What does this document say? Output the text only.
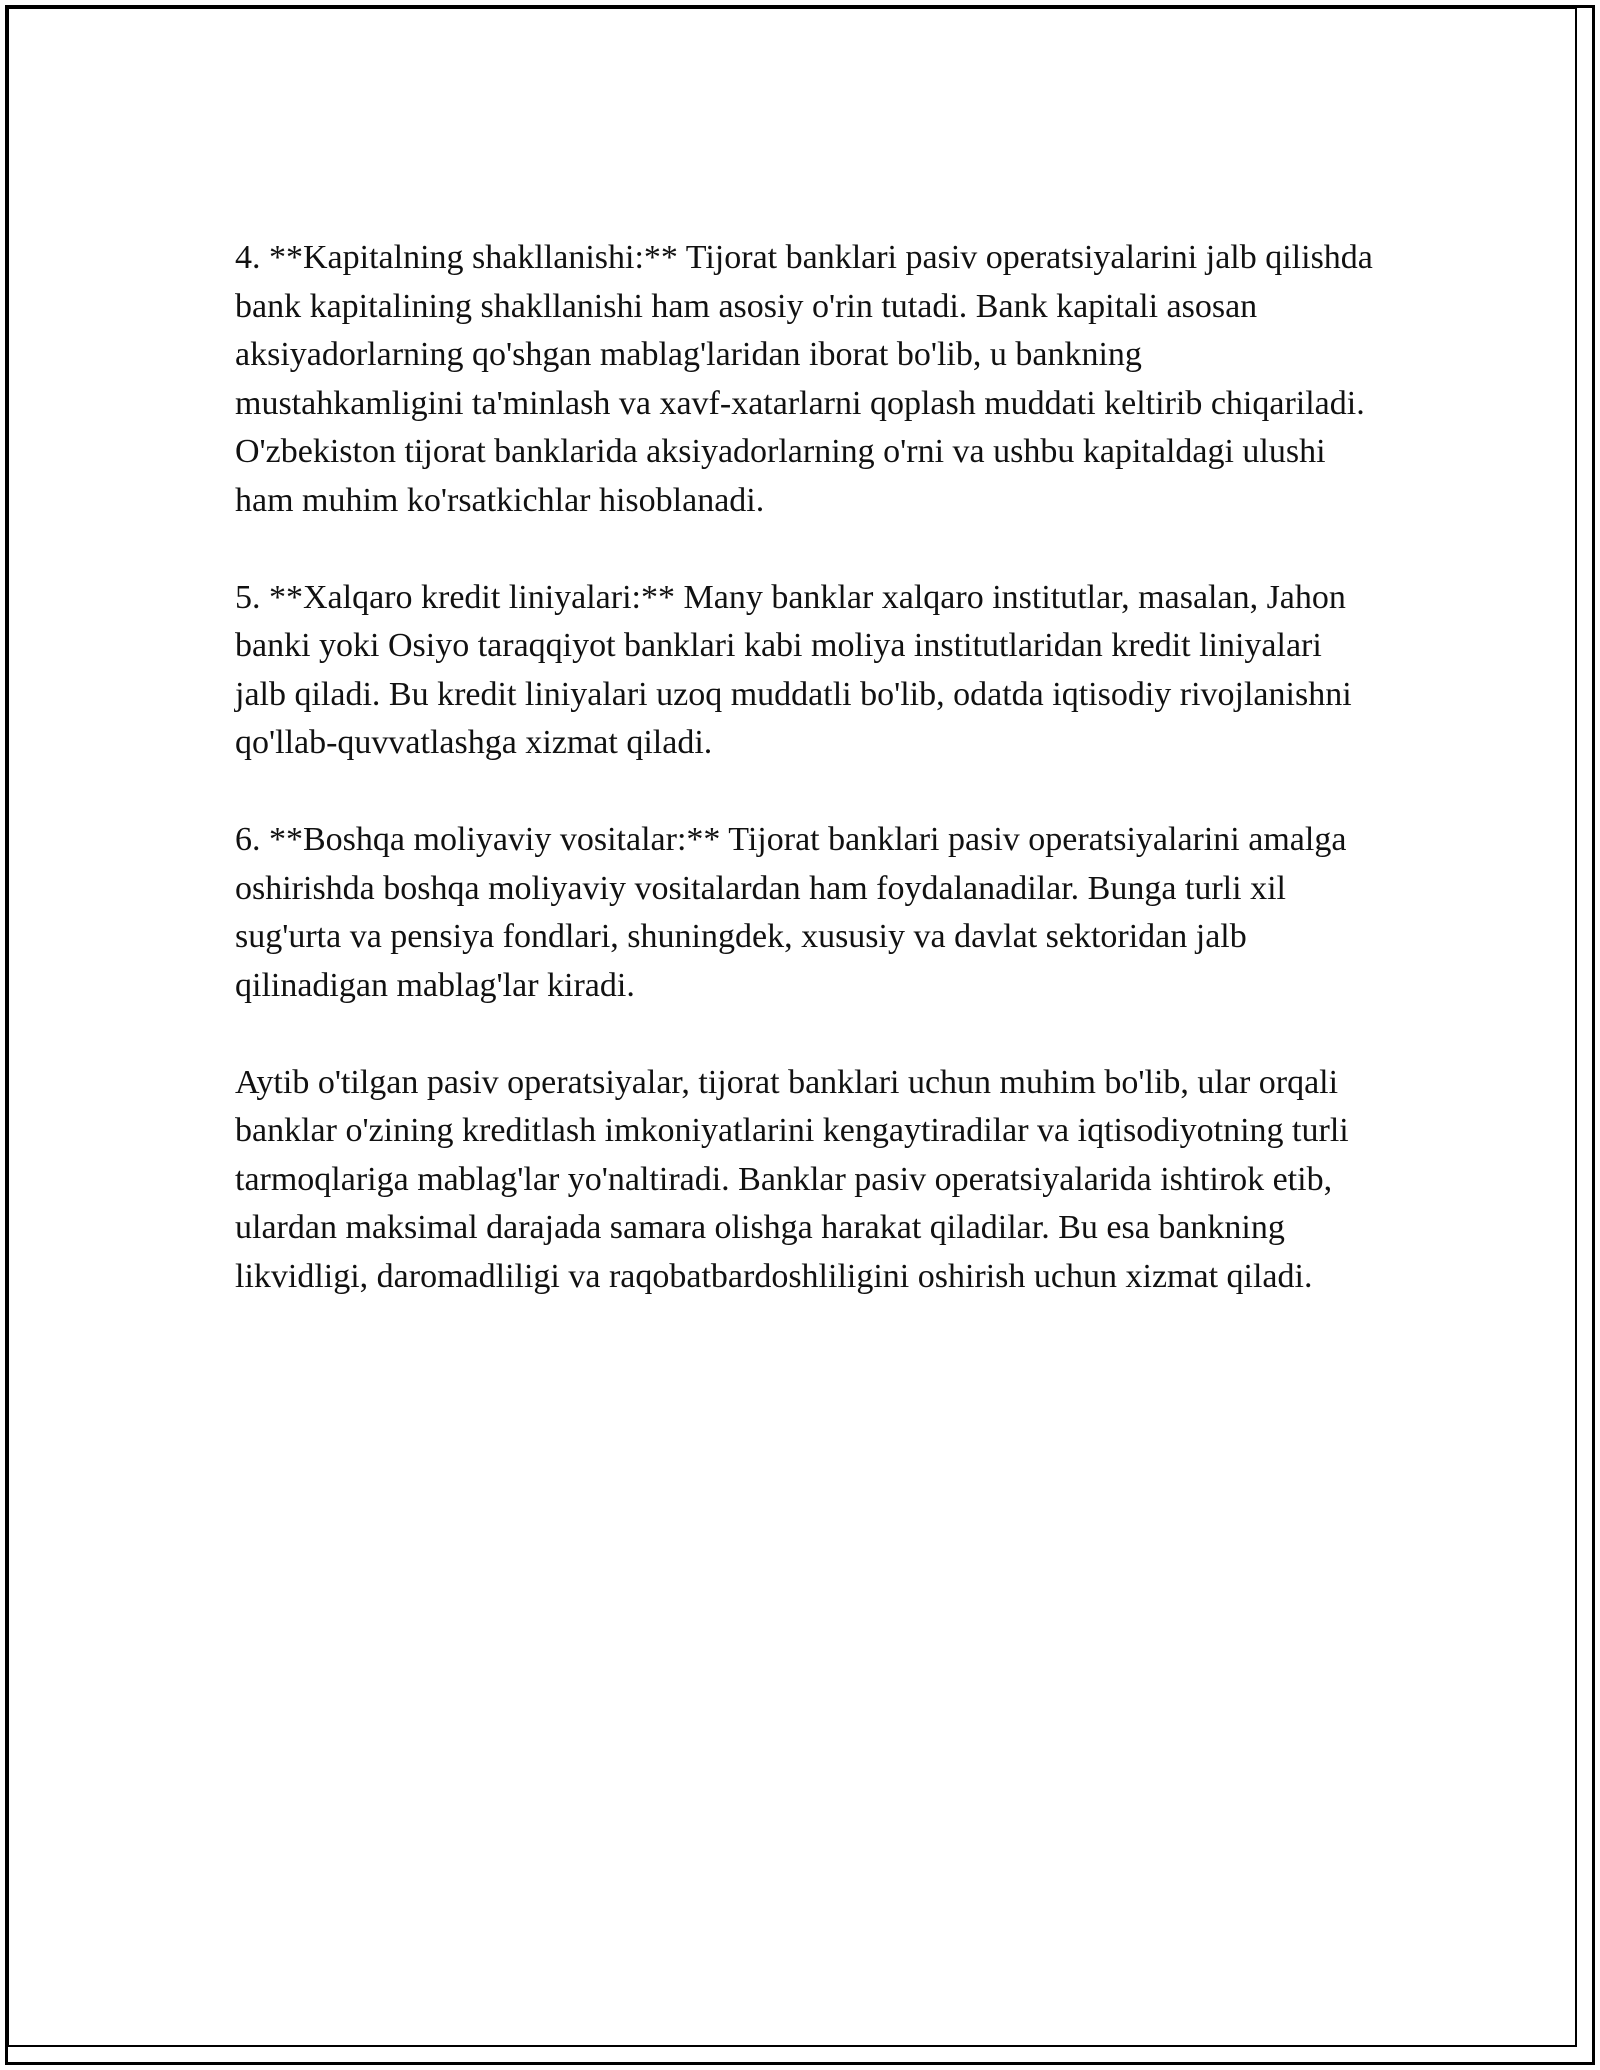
4. **Kapitalning shakllanishi:** Tijorat banklari pasiv operatsiyalarini jalb qilishda bank kapitalining shakllanishi ham asosiy o'rin tutadi. Bank kapitali asosan aksiyadorlarning qo'shgan mablag'laridan iborat bo'lib, u bankning mustahkamligini ta'minlash va xavf-xatarlarni qoplash muddati keltirib chiqariladi. O'zbekiston tijorat banklarida aksiyadorlarning o'rni va ushbu kapitaldagi ulushi ham muhim ko'rsatkichlar hisoblanadi.

5. **Xalqaro kredit liniyalari:** Many banklar xalqaro institutlar, masalan, Jahon banki yoki Osiyo taraqqiyot banklari kabi moliya institutlaridan kredit liniyalari jalb qiladi. Bu kredit liniyalari uzoq muddatli bo'lib, odatda iqtisodiy rivojlanishni qo'llab-quvvatlashga xizmat qiladi.

6. **Boshqa moliyaviy vositalar:** Tijorat banklari pasiv operatsiyalarini amalga oshirishda boshqa moliyaviy vositalardan ham foydalanadilar. Bunga turli xil sug'urta va pensiya fondlari, shuningdek, xususiy va davlat sektoridan jalb qilinadigan mablag'lar kiradi.

Aytib o'tilgan pasiv operatsiyalar, tijorat banklari uchun muhim bo'lib, ular orqali banklar o'zining kreditlash imkoniyatlarini kengaytiradilar va iqtisodiyotning turli tarmoqlariga mablag'lar yo'naltiradi. Banklar pasiv operatsiyalarida ishtirok etib, ulardan maksimal darajada samara olishga harakat qiladilar. Bu esa bankning likvidligi, daromadliligi va raqobatbardoshliligini oshirish uchun xizmat qiladi.
